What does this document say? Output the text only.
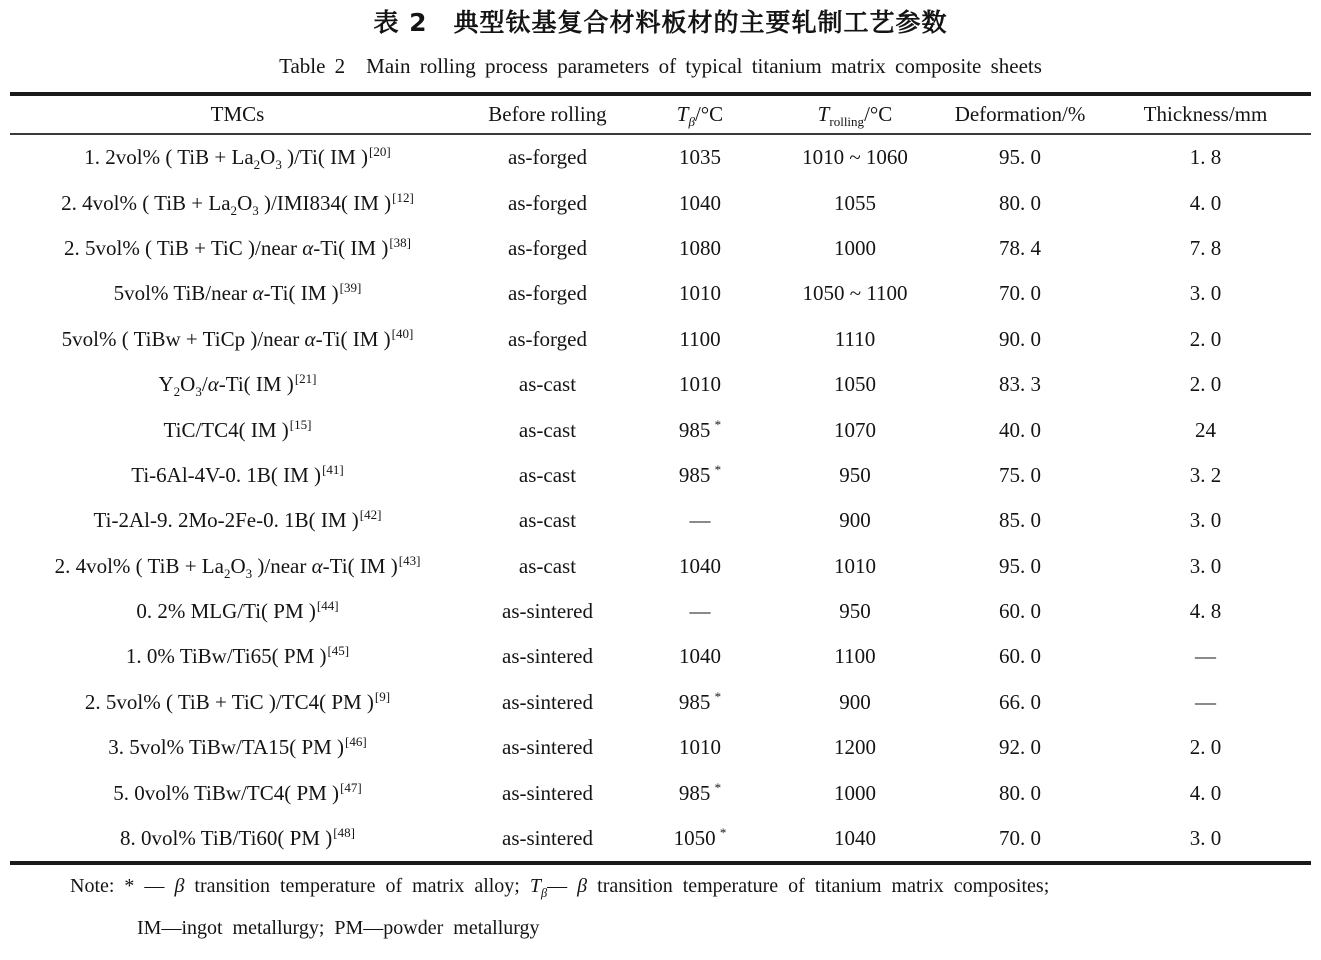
表 2　典型钛基复合材料板材的主要轧制工艺参数
Table 2　Main rolling process parameters of typical titanium matrix composite sheets
TMCs	Before rolling	$T_\beta/^\circ C$	$T_{rolling}/^\circ C$	Deformation/%	Thickness/mm
1. 2vol% ( TiB + $La_2O_3$ )/Ti( IM )[20]	as-forged	1035	1010 ~ 1060	95. 0	1. 8
2. 4vol% ( TiB + $La_2O_3$ )/IMI834( IM )[12]	as-forged	1040	1055	80. 0	4. 0
2. 5vol% ( TiB + TiC )/near α-Ti( IM )[38]	as-forged	1080	1000	78. 4	7. 8
5vol% TiB/near α-Ti( IM )[39]	as-forged	1010	1050 ~ 1100	70. 0	3. 0
5vol% ( TiBw + TiCp )/near α-Ti( IM )[40]	as-forged	1100	1110	90. 0	2. 0
$Y_2O_3/\alpha-Ti$( IM )[21]	as-cast	1010	1050	83. 3	2. 0
TiC/TC4( IM )[15]	as-cast	985 *	1070	40. 0	24
Ti-6Al-4V-0. 1B( IM )[41]	as-cast	985 *	950	75. 0	3. 2
Ti-2Al-9. 2Mo-2Fe-0. 1B( IM )[42]	as-cast	—	900	85. 0	3. 0
2. 4vol% ( TiB + $La_2O_3$ )/near α-Ti( IM )[43]	as-cast	1040	1010	95. 0	3. 0
0. 2% MLG/Ti( PM )[44]	as-sintered	—	950	60. 0	4. 8
1. 0% TiBw/Ti65( PM )[45]	as-sintered	1040	1100	60. 0	—
2. 5vol% ( TiB + TiC )/TC4( PM )[9]	as-sintered	985 *	900	66. 0	—
3. 5vol% TiBw/TA15( PM )[46]	as-sintered	1010	1200	92. 0	2. 0
5. 0vol% TiBw/TC4( PM )[47]	as-sintered	985 *	1000	80. 0	4. 0
8. 0vol% TiB/Ti60( PM )[48]	as-sintered	1050 *	1040	70. 0	3. 0
Note: * — β transition temperature of matrix alloy; $T_\beta—$ β transition temperature of titanium matrix composites;
IM—ingot metallurgy; PM—powder metallurgy
